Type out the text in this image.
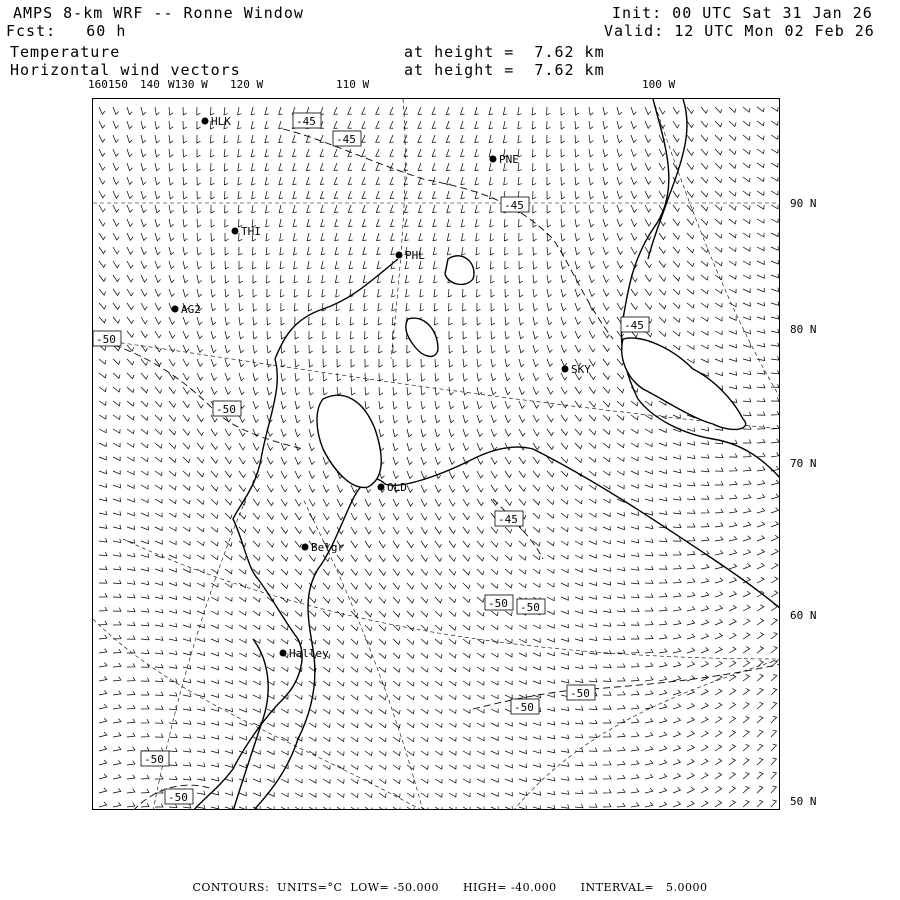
AMPS 8-km WRF -- Ronne Window
Fcst:   60 h
Init: 00 UTC Sat 31 Jan 26
Valid: 12 UTC Mon 02 Feb 26
Temperature
Horizontal wind vectors
at height =  7.62 km
at height =  7.62 km
160 150 140 W130 W 120 W	110 W	100 W
90 N
80 N
70 N
60 N
50 N
-45
-45
-45
-50
-50
-45
-45
-50 -50
-50
-50
-50
-50
HLK
PNE
THI
PHL
AG2
SKY
OLD
Belgr
Halley
CONTOURS:  UNITS=°C  LOW= -50.000      HIGH= -40.000      INTERVAL=   5.0000
